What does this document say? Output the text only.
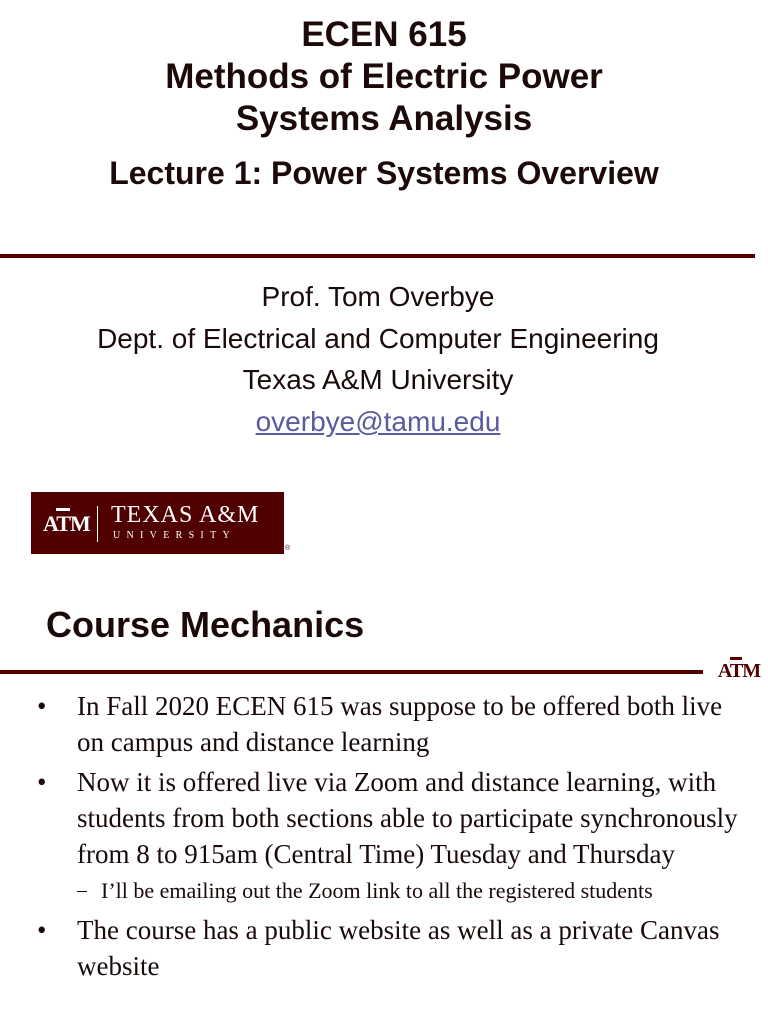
ECEN 615
Methods of Electric Power
Systems Analysis
Lecture 1: Power Systems Overview
Prof. Tom Overbye
Dept. of Electrical and Computer Engineering
Texas A&M University
overbye@tamu.edu
ATM TEXAS A&M
UNIVERSITY
®
Course Mechanics
ATM
• In Fall 2020 ECEN 615 was suppose to be offered both live on campus and distance learning
• Now it is offered live via Zoom and distance learning, with students from both sections able to participate synchronously from 8 to 915am (Central Time) Tuesday and Thursday
– I’ll be emailing out the Zoom link to all the registered students
• The course has a public website as well as a private Canvas website
